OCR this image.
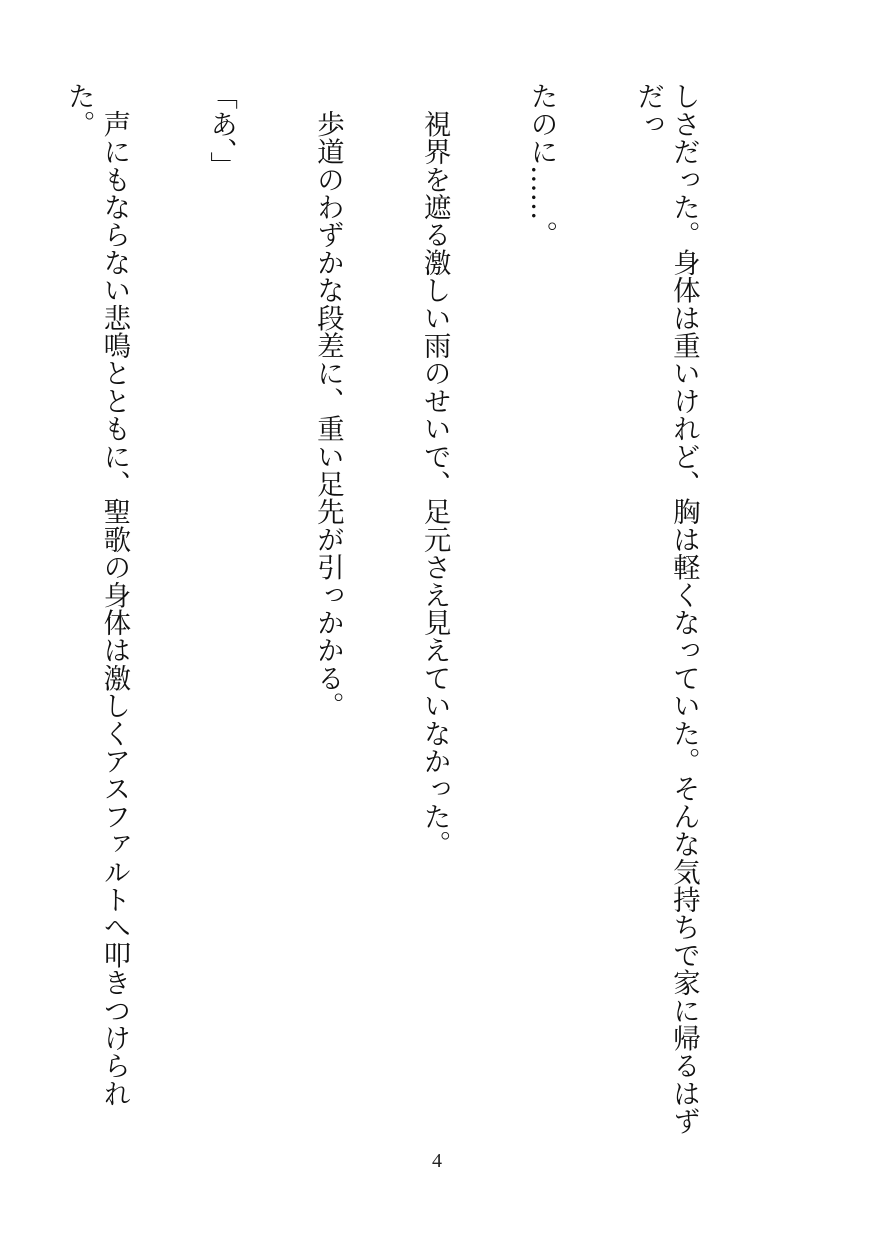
しさだった。身体は重いけれど、胸は軽くなっていた。そんな気持ちで家に帰るはずだっ

たのに……。

　視界を遮る激しい雨のせいで、足元さえ見えていなかった。

　歩道のわずかな段差に、重い足先が引っかかる。

「あ、」

　声にもならない悲鳴とともに、聖歌の身体は激しくアスファルトへ叩きつけられた。

4
